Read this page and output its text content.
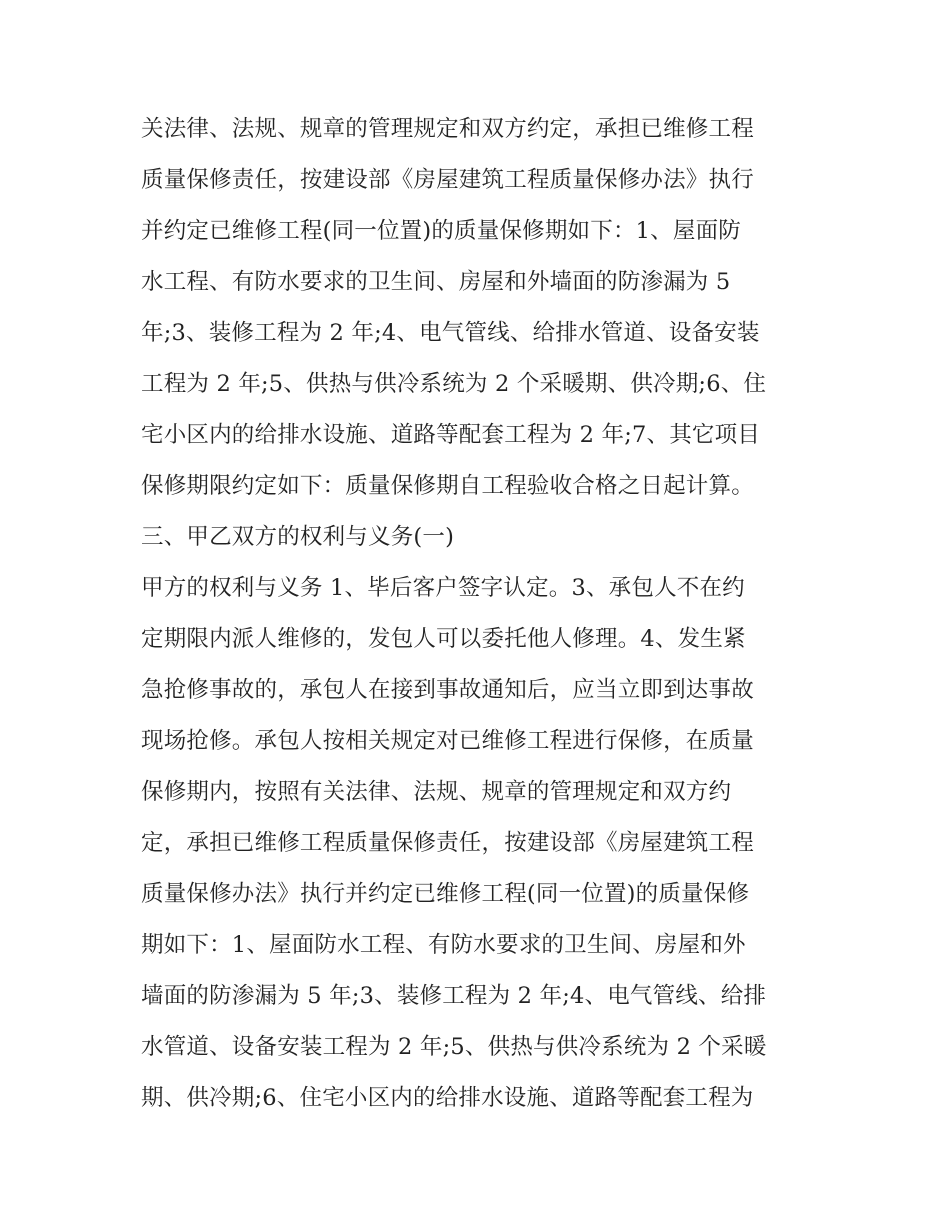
关法律、法规、规章的管理规定和双方约定，承担已维修工程
质量保修责任，按建设部《房屋建筑工程质量保修办法》执行
并约定已维修工程(同一位置)的质量保修期如下：1、屋面防
水工程、有防水要求的卫生间、房屋和外墙面的防渗漏为 5
年;3、装修工程为 2 年;4、电气管线、给排水管道、设备安装
工程为 2 年;5、供热与供冷系统为 2 个采暖期、供冷期;6、住
宅小区内的给排水设施、道路等配套工程为 2 年;7、其它项目
保修期限约定如下：质量保修期自工程验收合格之日起计算。
三、甲乙双方的权利与义务(一)
甲方的权利与义务 1、毕后客户签字认定。3、承包人不在约
定期限内派人维修的，发包人可以委托他人修理。4、发生紧
急抢修事故的，承包人在接到事故通知后，应当立即到达事故
现场抢修。承包人按相关规定对已维修工程进行保修，在质量
保修期内，按照有关法律、法规、规章的管理规定和双方约
定，承担已维修工程质量保修责任，按建设部《房屋建筑工程
质量保修办法》执行并约定已维修工程(同一位置)的质量保修
期如下：1、屋面防水工程、有防水要求的卫生间、房屋和外
墙面的防渗漏为 5 年;3、装修工程为 2 年;4、电气管线、给排
水管道、设备安装工程为 2 年;5、供热与供冷系统为 2 个采暖
期、供冷期;6、住宅小区内的给排水设施、道路等配套工程为
